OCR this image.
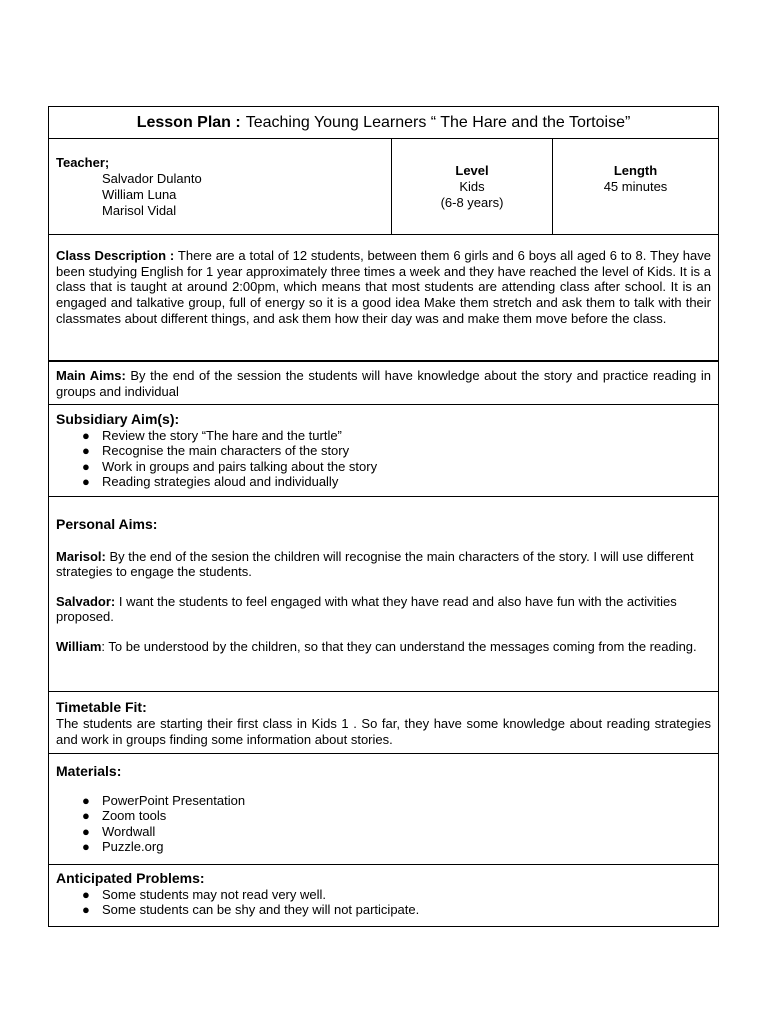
Lesson Plan : Teaching Young Learners “ The Hare and the Tortoise”
Teacher;
Salvador Dulanto
William Luna
Marisol Vidal
Level
Kids
(6-8 years)
Length
45 minutes
Class Description : There are a total of 12 students, between them 6 girls and 6 boys all aged 6 to 8. They have been studying English for 1 year approximately three times a week and they have reached the level of Kids. It is a class that is taught at around 2:00pm, which means that most students are attending class after school. It is an engaged and talkative group, full of energy so it is a good idea Make them stretch and ask them to talk with their classmates about different things, and ask them how their day was and make them move before the class.
Main Aims: By the end of the session the students will have knowledge about the story and practice reading in groups and individual
Subsidiary Aim(s):
● Review the story “The hare and the turtle”
● Recognise the main characters of the story
● Work in groups and pairs talking about the story
● Reading strategies aloud and individually

Personal Aims:

Marisol: By the end of the sesion the children will recognise the main characters of the story. I will use different strategies to engage the students.

Salvador: I want the students to feel engaged with what they have read and also have fun with the activities proposed.

William: To be understood by the children, so that they can understand the messages coming from the reading.

Timetable Fit:
The students are starting their first class in Kids 1 . So far, they have some knowledge about reading strategies and work in groups finding some information about stories.
Materials:
● PowerPoint Presentation
● Zoom tools
● Wordwall
● Puzzle.org
Anticipated Problems:
● Some students may not read very well.
● Some students can be shy and they will not participate.
